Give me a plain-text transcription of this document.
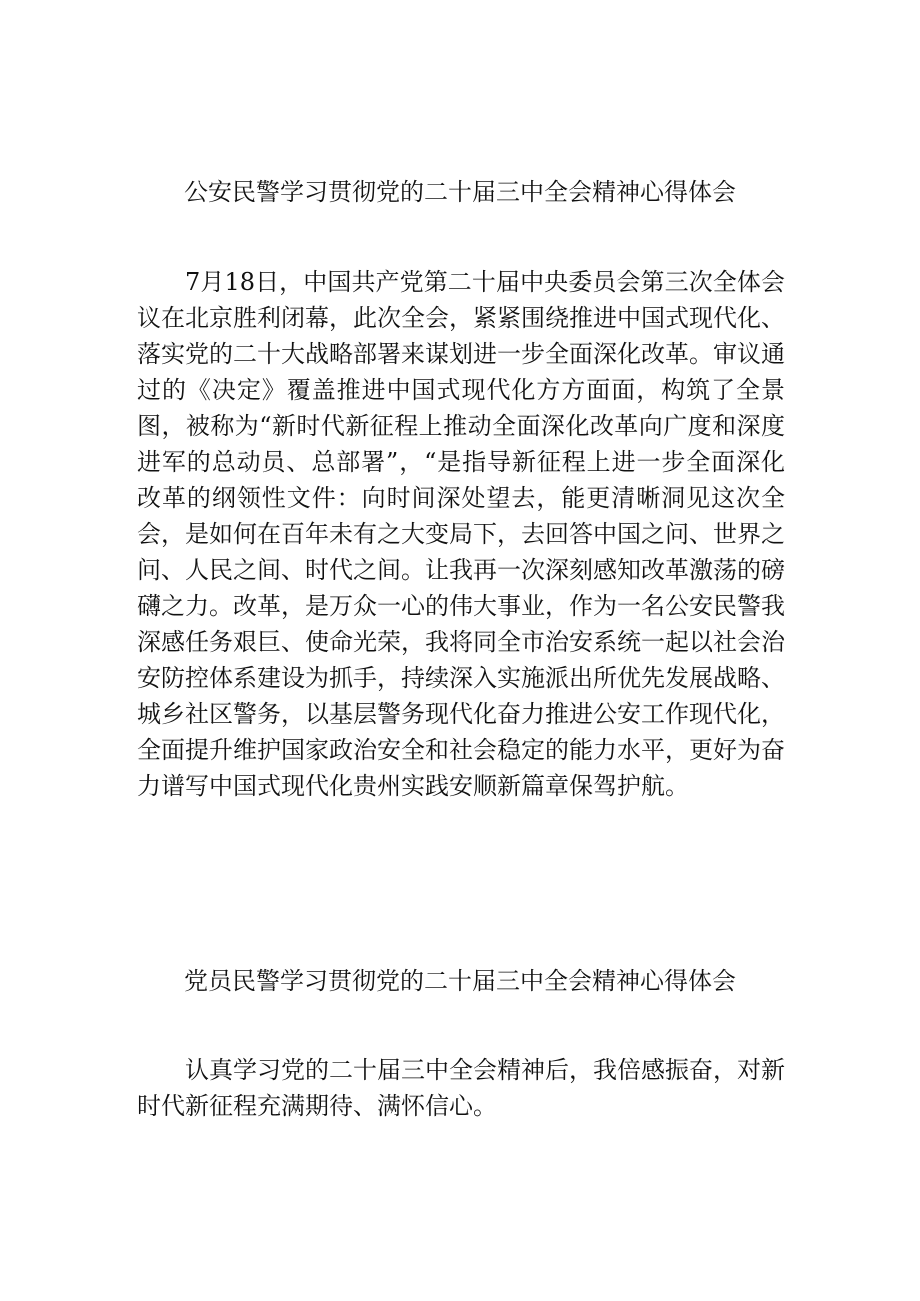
公安民警学习贯彻党的二十届三中全会精神心得体会

7月18日，中国共产党第二十届中央委员会第三次全体会议在北京胜利闭幕，此次全会，紧紧围绕推进中国式现代化、落实党的二十大战略部署来谋划进一步全面深化改革。审议通过的《决定》覆盖推进中国式现代化方方面面，构筑了全景图，被称为“新时代新征程上推动全面深化改革向广度和深度进军的总动员、总部署”，“是指导新征程上进一步全面深化改革的纲领性文件：向时间深处望去，能更清晰洞见这次全会，是如何在百年未有之大变局下，去回答中国之问、世界之问、人民之间、时代之间。让我再一次深刻感知改革激荡的磅礴之力。改革，是万众一心的伟大事业，作为一名公安民警我深感任务艰巨、使命光荣，我将同全市治安系统一起以社会治安防控体系建设为抓手，持续深入实施派出所优先发展战略、城乡社区警务，以基层警务现代化奋力推进公安工作现代化，全面提升维护国家政治安全和社会稳定的能力水平，更好为奋力谱写中国式现代化贵州实践安顺新篇章保驾护航。

党员民警学习贯彻党的二十届三中全会精神心得体会

认真学习党的二十届三中全会精神后，我倍感振奋，对新时代新征程充满期待、满怀信心。
